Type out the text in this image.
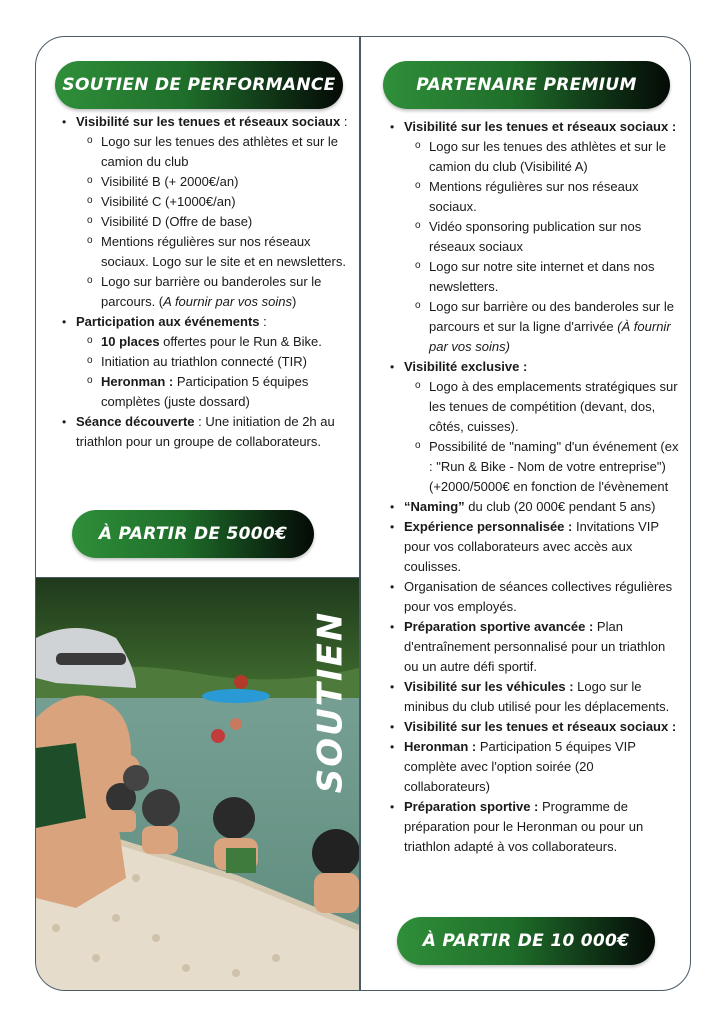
SOUTIEN DE PERFORMANCE
• Visibilité sur les tenues et réseaux sociaux :
o Logo sur les tenues des athlètes et sur le camion du club
o Visibilité B (+ 2000€/an)
o Visibilité C (+1000€/an)
o Visibilité D (Offre de base)
o Mentions régulières sur nos réseaux sociaux. Logo sur le site et en newsletters.
o Logo sur barrière ou banderoles sur le parcours. (A fournir par vos soins)
• Participation aux événements :
o 10 places offertes pour le Run & Bike.
o Initiation au triathlon connecté (TIR)
o Heronman : Participation 5 équipes complètes (juste dossard)
• Séance découverte : Une initiation de 2h au triathlon pour un groupe de collaborateurs.
À PARTIR DE 5000€
SOUTIEN
PARTENAIRE PREMIUM
• Visibilité sur les tenues et réseaux sociaux :
o Logo sur les tenues des athlètes et sur le camion du club (Visibilité A)
o Mentions régulières sur nos réseaux sociaux.
o Vidéo sponsoring publication sur nos réseaux sociaux
o Logo sur notre site internet et dans nos newsletters.
o Logo sur barrière ou des banderoles sur le parcours et sur la ligne d'arrivée (À fournir par vos soins)
• Visibilité exclusive :
o Logo à des emplacements stratégiques sur les tenues de compétition (devant, dos, côtés, cuisses).
o Possibilité de "naming" d'un événement (ex : "Run & Bike - Nom de votre entreprise") (+2000/5000€ en fonction de l'évènement
• “Naming” du club (20 000€ pendant 5 ans)
• Expérience personnalisée : Invitations VIP pour vos collaborateurs avec accès aux coulisses.
• Organisation de séances collectives régulières pour vos employés.
• Préparation sportive avancée : Plan d'entraînement personnalisé pour un triathlon ou un autre défi sportif.
• Visibilité sur les véhicules : Logo sur le minibus du club utilisé pour les déplacements.
• Visibilité sur les tenues et réseaux sociaux :
• Heronman : Participation 5 équipes VIP complète avec l'option soirée (20 collaborateurs)
• Préparation sportive : Programme de préparation pour le Heronman ou pour un triathlon adapté à vos collaborateurs.
À PARTIR DE 10 000€
